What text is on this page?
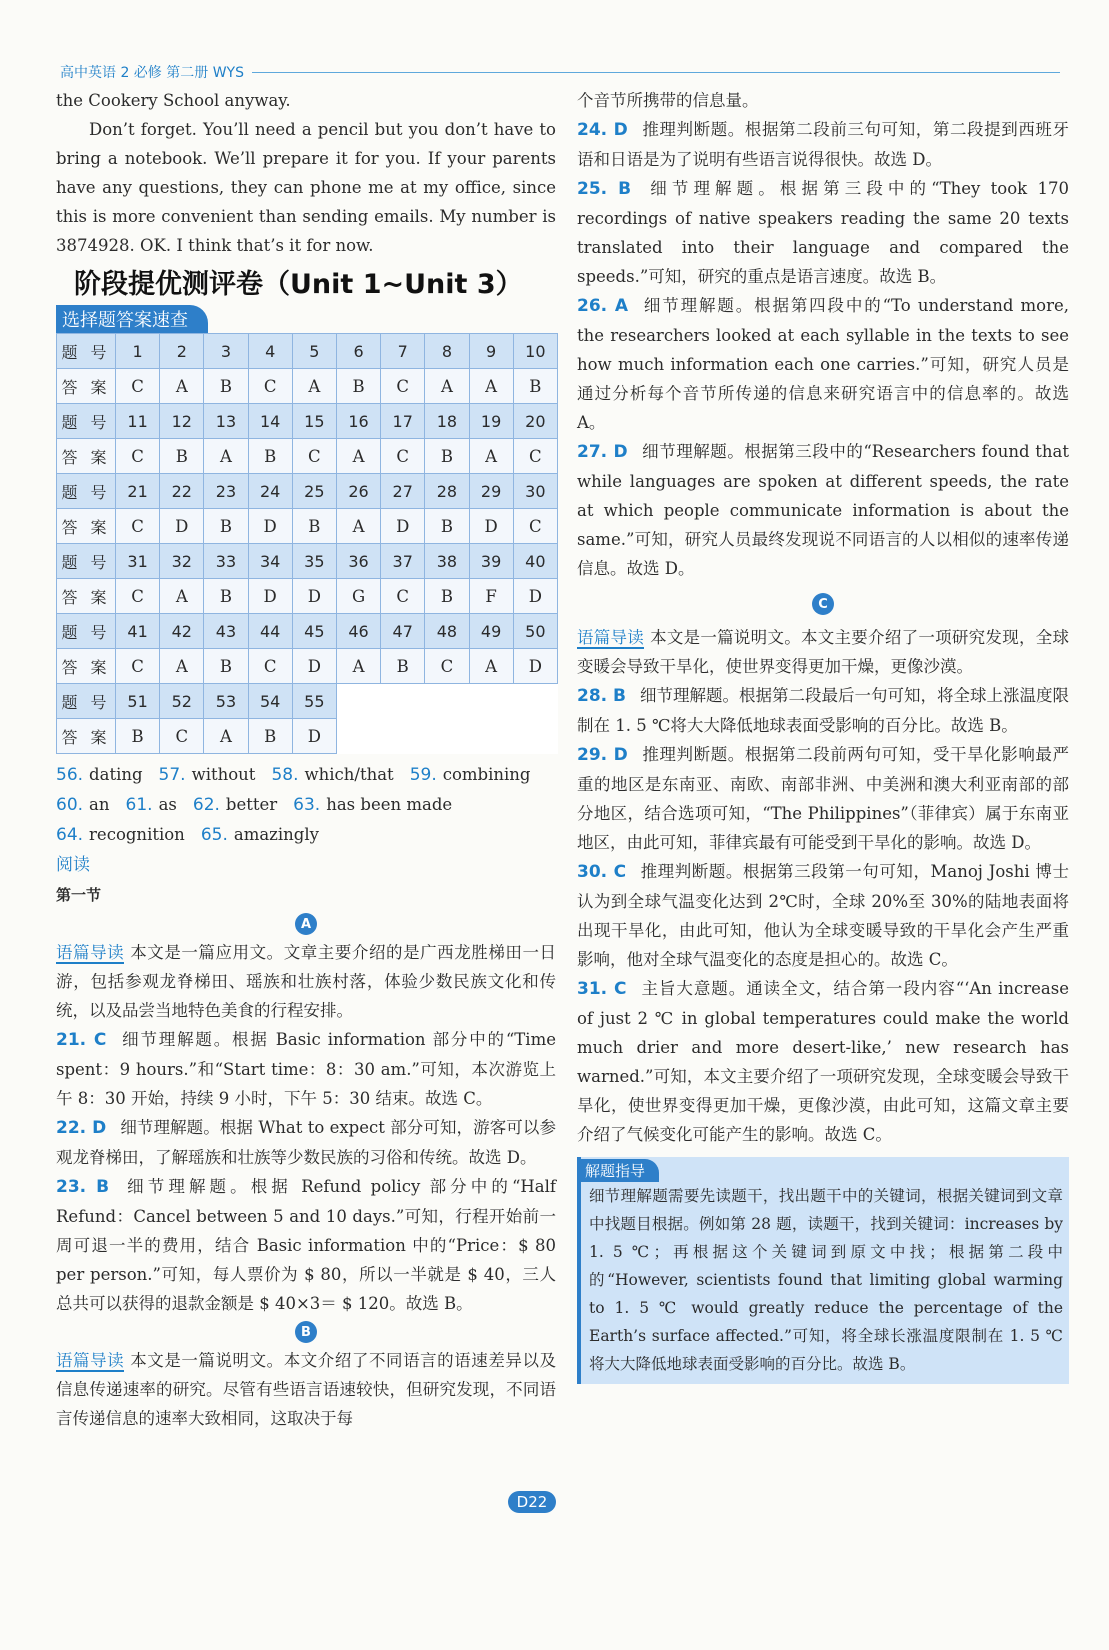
高中英语 2 必修 第二册 WYS

the Cookery School anyway.

Don’t forget. You’ll need a pencil but you don’t have to bring a notebook. We’ll prepare it for you. If your parents have any questions, they can phone me at my office, since this is more convenient than sending emails. My number is 3874928. OK. I think that’s it for now.

阶段提优测评卷（Unit 1~Unit 3）
选择题答案速查
题 号	1	2	3	4	5	6	7	8	9	10
答 案	C	A	B	C	A	B	C	A	A	B
题 号	11	12	13	14	15	16	17	18	19	20
答 案	C	B	A	B	C	A	C	B	A	C
题 号	21	22	23	24	25	26	27	28	29	30
答 案	C	D	B	D	B	A	D	B	D	C
题 号	31	32	33	34	35	36	37	38	39	40
答 案	C	A	B	D	D	G	C	B	F	D
题 号	41	42	43	44	45	46	47	48	49	50
答 案	C	A	B	C	D	A	B	C	A	D
题 号	51	52	53	54	55					
答 案	B	C	A	B	D					
56. dating 57. without 58. which/that 59. combining
60. an 61. as 62. better 63. has been made
64. recognition 65. amazingly
阅读
第一节
A

语篇导读 本文是一篇应用文。文章主要介绍的是广西龙胜梯田一日游，包括参观龙脊梯田、瑶族和壮族村落，体验少数民族文化和传统，以及品尝当地特色美食的行程安排。

21. C 细节理解题。根据 Basic information 部分中的“Time spent：9 hours.”和“Start time：8：30 am.”可知，本次游览上午 8：30 开始，持续 9 小时，下午 5：30 结束。故选 C。

22. D 细节理解题。根据 What to expect 部分可知，游客可以参观龙脊梯田，了解瑶族和壮族等少数民族的习俗和传统。故选 D。

23. B 细节理解题。根据 Refund policy 部分中的“Half Refund：Cancel between 5 and 10 days.”可知，行程开始前一周可退一半的费用，结合 Basic information 中的“Price：$ 80 per person.”可知，每人票价为 $ 80，所以一半就是 $ 40，三人总共可以获得的退款金额是 $ 40×3＝ $ 120。故选 B。

B

语篇导读 本文是一篇说明文。本文介绍了不同语言的语速差异以及信息传递速率的研究。尽管有些语言语速较快，但研究发现，不同语言传递信息的速率大致相同，这取决于每

个音节所携带的信息量。

24. D 推理判断题。根据第二段前三句可知，第二段提到西班牙语和日语是为了说明有些语言说得很快。故选 D。

25. B 细节理解题。根据第三段中的“They took 170 recordings of native speakers reading the same 20 texts translated into their language and compared the speeds.”可知，研究的重点是语言速度。故选 B。

26. A 细节理解题。根据第四段中的“To understand more, the researchers looked at each syllable in the texts to see how much information each one carries.”可知，研究人员是通过分析每个音节所传递的信息来研究语言中的信息率的。故选 A。

27. D 细节理解题。根据第三段中的“Researchers found that while languages are spoken at different speeds, the rate at which people communicate information is about the same.”可知，研究人员最终发现说不同语言的人以相似的速率传递信息。故选 D。

C

语篇导读 本文是一篇说明文。本文主要介绍了一项研究发现，全球变暖会导致干旱化，使世界变得更加干燥，更像沙漠。

28. B 细节理解题。根据第二段最后一句可知，将全球上涨温度限制在 1. 5 ℃将大大降低地球表面受影响的百分比。故选 B。

29. D 推理判断题。根据第二段前两句可知，受干旱化影响最严重的地区是东南亚、南欧、南部非洲、中美洲和澳大利亚南部的部分地区，结合选项可知，“The Philippines”（菲律宾）属于东南亚地区，由此可知，菲律宾最有可能受到干旱化的影响。故选 D。

30. C 推理判断题。根据第三段第一句可知，Manoj Joshi 博士认为到全球气温变化达到 2℃时，全球 20%至 30%的陆地表面将出现干旱化，由此可知，他认为全球变暖导致的干旱化会产生严重影响，他对全球气温变化的态度是担心的。故选 C。

31. C 主旨大意题。通读全文，结合第一段内容“‘An increase of just 2 ℃ in global temperatures could make the world much drier and more desert-like,’ new research has warned.”可知，本文主要介绍了一项研究发现，全球变暖会导致干旱化，使世界变得更加干燥，更像沙漠，由此可知，这篇文章主要介绍了气候变化可能产生的影响。故选 C。

解题指导

细节理解题需要先读题干，找出题干中的关键词，根据关键词到文章中找题目根据。例如第 28 题，读题干，找到关键词：increases by 1. 5 ℃；再根据这个关键词到原文中找；根据第二段中的“However, scientists found that limiting global warming to 1. 5 ℃ would greatly reduce the percentage of the Earth’s surface affected.”可知，将全球长涨温度限制在 1. 5 ℃将大大降低地球表面受影响的百分比。故选 B。

D22
